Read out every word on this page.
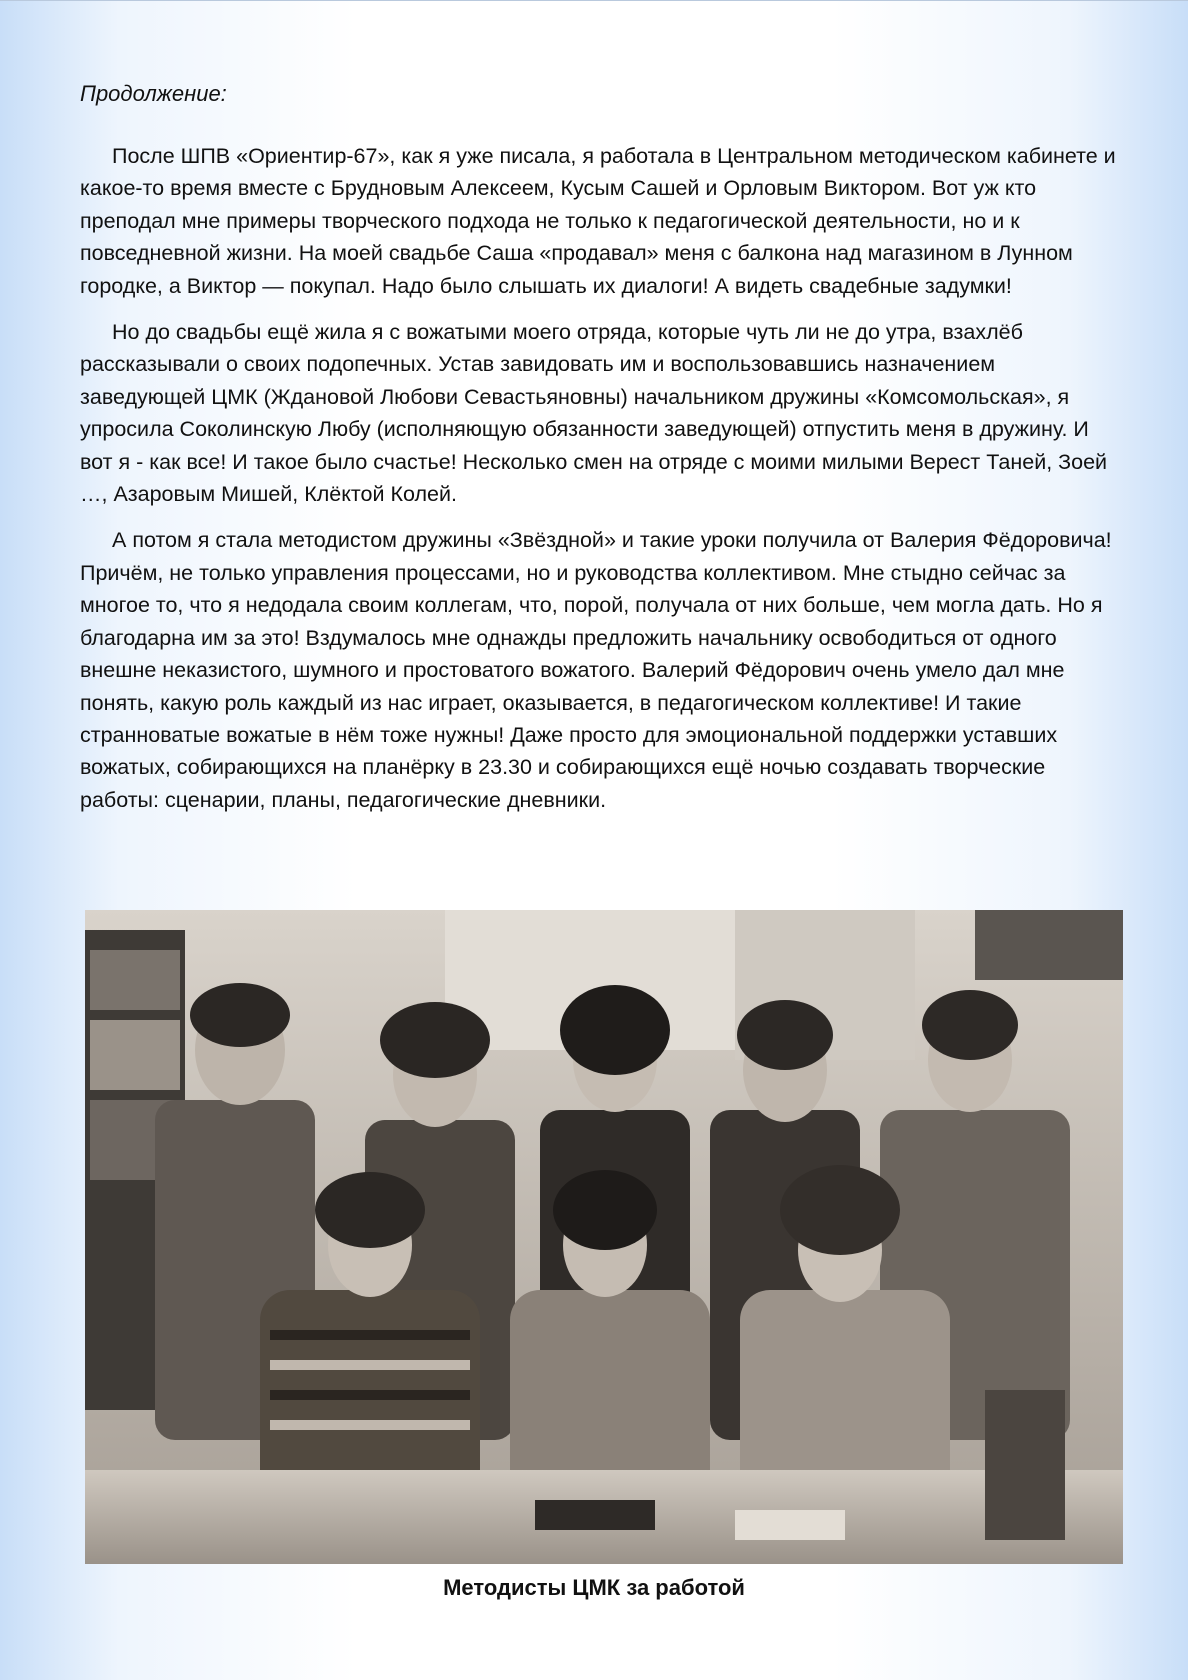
Продолжение:

После ШПВ «Ориентир-67», как я уже писала, я работала в Центральном методическом кабинете и какое-то время вместе с Брудновым Алексеем, Кусым Сашей и Орловым Виктором. Вот уж кто преподал мне примеры творческого подхода не только к педагогической деятельности, но и к повседневной жизни. На моей свадьбе Саша «продавал» меня с балкона над магазином в Лунном городке, а Виктор — покупал. Надо было слышать их диалоги! А видеть свадебные задумки!

Но до свадьбы ещё жила я с вожатыми моего отряда, которые чуть ли не до утра, взахлёб рассказывали о своих подопечных. Устав завидовать им и воспользовавшись назначением заведующей ЦМК (Ждановой Любови Севастьяновны) начальником дружины «Комсомольская», я упросила Соколинскую Любу (исполняющую обязанности заведующей) отпустить меня в дружину. И вот я - как все! И такое было счастье! Несколько смен на отряде с моими милыми Верест Таней, Зоей …, Азаровым Мишей, Клёктой Колей.

А потом я стала методистом дружины «Звёздной» и такие уроки получила от Валерия Фёдоровича! Причём, не только управления процессами, но и руководства коллективом. Мне стыдно сейчас за многое то, что я недодала своим коллегам, что, порой, получала от них больше, чем могла дать. Но я благодарна им за это! Вздумалось мне однажды предложить начальнику освободиться от одного внешне неказистого, шумного и простоватого вожатого. Валерий Фёдорович очень умело дал мне понять, какую роль каждый из нас играет, оказывается, в педагогическом коллективе! И такие странноватые вожатые в нём тоже нужны! Даже просто для эмоциональной поддержки уставших вожатых, собирающихся на планёрку в 23.30 и собирающихся ещё ночью создавать творческие работы: сценарии, планы, педагогические дневники.

Методисты ЦМК за работой
